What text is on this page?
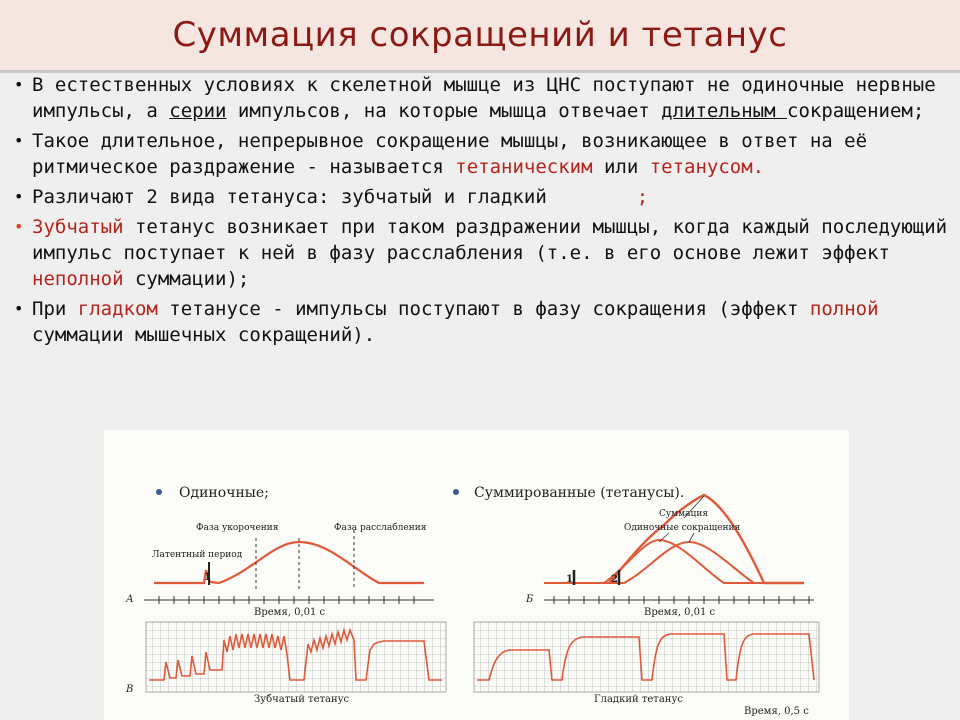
Суммация сокращений и тетанус
• В естественных условиях к скелетной мышце из ЦНС поступают не одиночные нервные импульсы, а серии импульсов, на которые мышца отвечает длительным сокращением;
• Такое длительное, непрерывное сокращение мышцы, возникающее в ответ на её ритмическое раздражение - называется тетаническим или тетанусом.
• Различают 2 вида тетануса: зубчатый и гладкий	;
• Зубчатый тетанус возникает при таком раздражении мышцы, когда каждый последующий импульс поступает к ней в фазу расслабления (т.е. в его основе лежит эффект неполной суммации);
• При гладком тетанусе - импульсы поступают в фазу сокращения (эффект полной суммации мышечных сокращений).
Одиночные;	Суммированные (тетанусы).
Фаза укорочения	Фаза расслабления
Латентный период
1
А
Время, 0,01 с
Суммация
Одиночные сокращения
1	2
Б
Время, 0,01 с
В
Зубчатый тетанус	Гладкий тетанус
Время, 0,5 с
